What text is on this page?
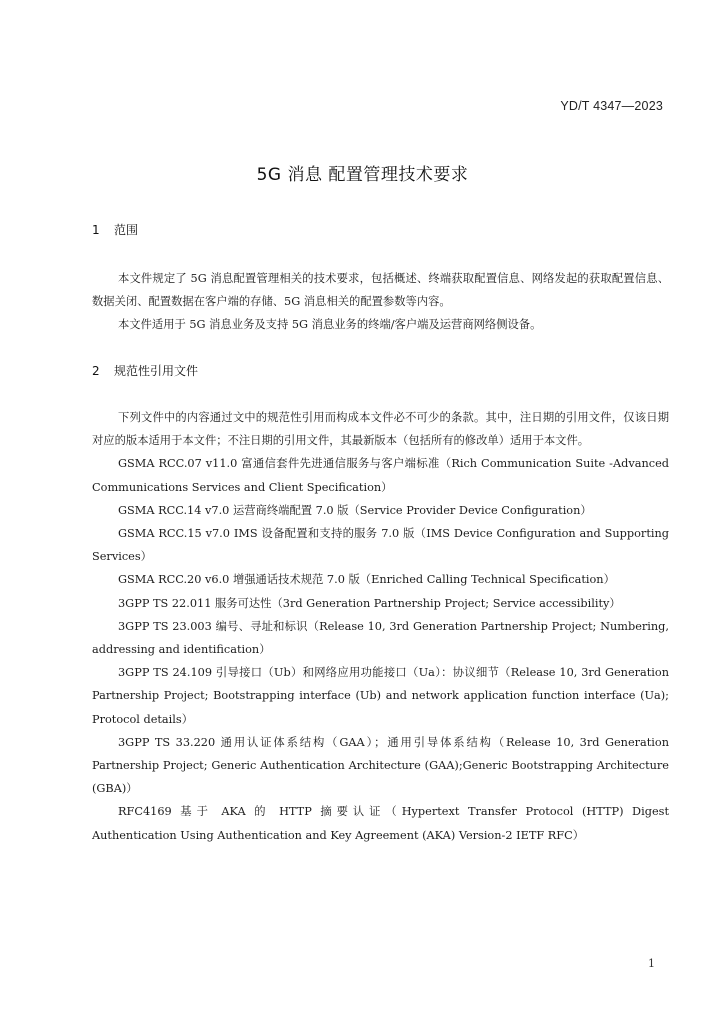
YD/T 4347—2023
5G 消息 配置管理技术要求
1 范围

本文件规定了 5G 消息配置管理相关的技术要求，包括概述、终端获取配置信息、网络发起的获取配置信息、数据关闭、配置数据在客户端的存储、5G 消息相关的配置参数等内容。

本文件适用于 5G 消息业务及支持 5G 消息业务的终端/客户端及运营商网络侧设备。

2 规范性引用文件

下列文件中的内容通过文中的规范性引用而构成本文件必不可少的条款。其中，注日期的引用文件，仅该日期对应的版本适用于本文件；不注日期的引用文件，其最新版本（包括所有的修改单）适用于本文件。

GSMA RCC.07 v11.0 富通信套件先进通信服务与客户端标准（Rich Communication Suite -Advanced Communications Services and Client Specification）

GSMA RCC.14 v7.0 运营商终端配置 7.0 版（Service Provider Device Configuration）

GSMA RCC.15 v7.0 IMS 设备配置和支持的服务 7.0 版（IMS Device Configuration and Supporting Services）

GSMA RCC.20 v6.0 增强通话技术规范 7.0 版（Enriched Calling Technical Specification）

3GPP TS 22.011 服务可达性（3rd Generation Partnership Project; Service accessibility）

3GPP TS 23.003 编号、寻址和标识（Release 10, 3rd Generation Partnership Project; Numbering, addressing and identification）

3GPP TS 24.109 引导接口（Ub）和网络应用功能接口（Ua）：协议细节（Release 10, 3rd Generation Partnership Project; Bootstrapping interface (Ub) and network application function interface (Ua); Protocol details）

3GPP TS 33.220 通用认证体系结构（GAA）；通用引导体系结构（Release 10, 3rd Generation Partnership Project; Generic Authentication Architecture (GAA);Generic Bootstrapping Architecture (GBA)）

RFC4169 基于 AKA 的 HTTP 摘要认证（Hypertext Transfer Protocol (HTTP) Digest Authentication Using Authentication and Key Agreement (AKA) Version-2 IETF RFC）

1
